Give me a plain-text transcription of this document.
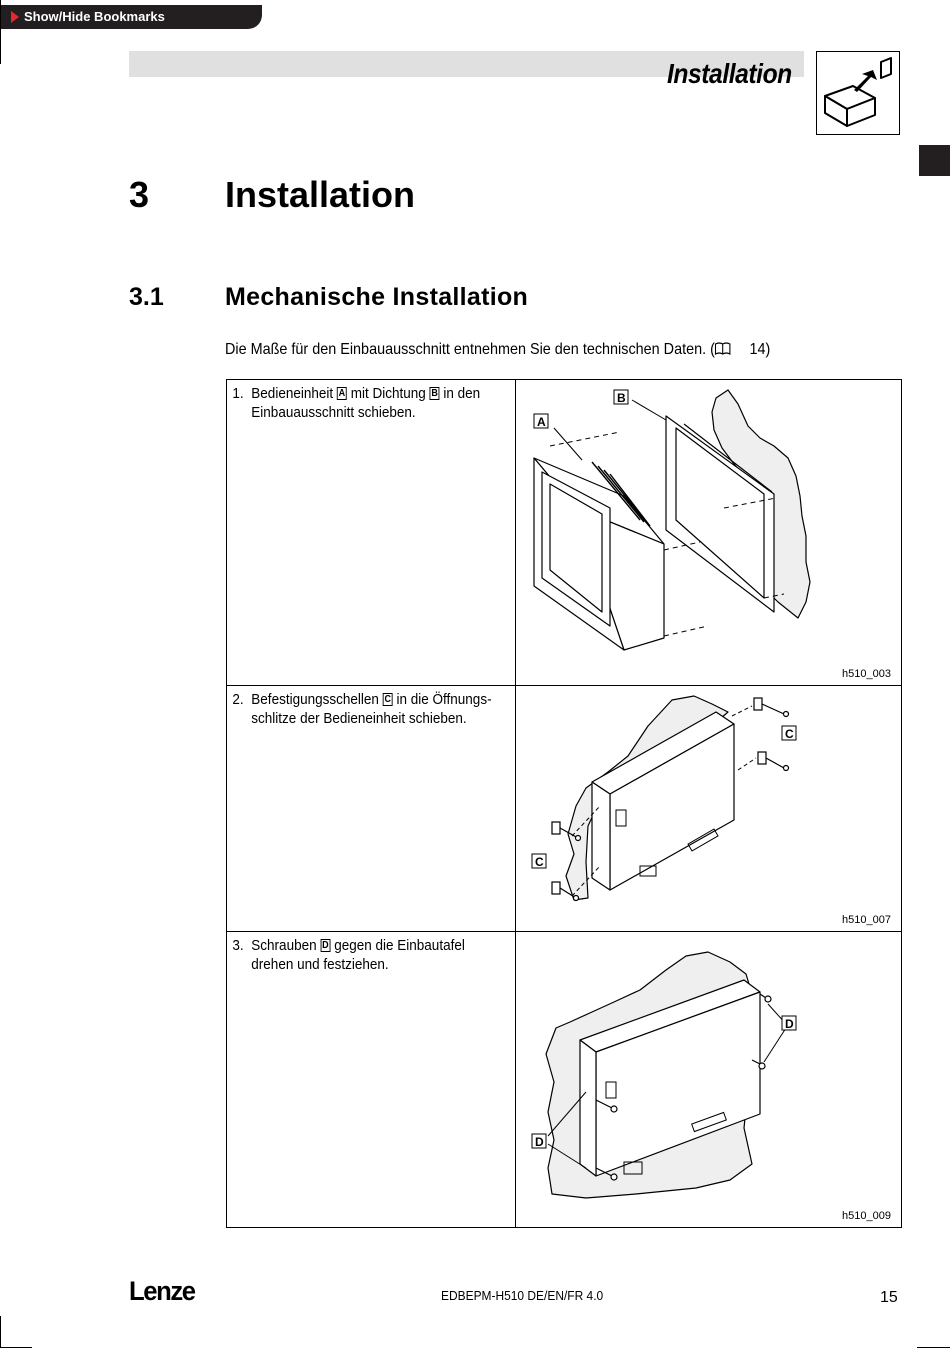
Show/Hide Bookmarks
Installation
3 Installation
3.1 Mechanische Installation
Die Maße für den Einbauausschnitt entnehmen Sie den technischen Daten. ( 14)
1. Bedieneinheit A mit Dichtung B in den Einbauausschnitt schieben.	A
B
h510_003

2. Befestigungsschellen C in die Öffnungs-schlitze der Bedieneinheit schieben.	C
C
h510_007

3. Schrauben D gegen die Einbautafel drehen und festziehen.	D
D
h510_009
Lenze	EDBEPM-H510 DE/EN/FR 4.0	15
